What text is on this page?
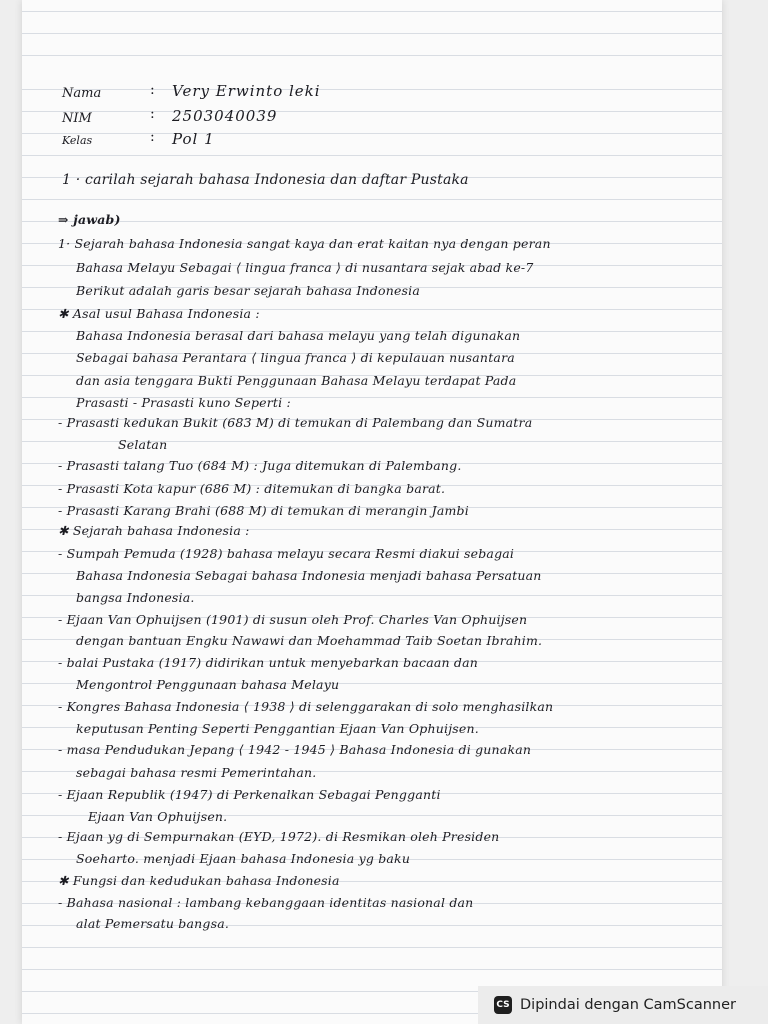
Nama	: Very Erwinto leki
NIM	: 2503040039
Kelas	: Pol 1
1 · carilah sejarah bahasa Indonesia dan daftar Pustaka
⇒ jawab)
1· Sejarah bahasa Indonesia sangat kaya dan erat kaitan nya dengan peran
Bahasa Melayu Sebagai ⟨ lingua franca ⟩ di nusantara sejak abad ke-7
Berikut adalah garis besar sejarah bahasa Indonesia
✱ Asal usul Bahasa Indonesia :
Bahasa Indonesia berasal dari bahasa melayu yang telah digunakan
Sebagai bahasa Perantara ⟨ lingua franca ⟩ di kepulauan nusantara
dan asia tenggara Bukti Penggunaan Bahasa Melayu terdapat Pada
Prasasti - Prasasti kuno Seperti :
- Prasasti kedukan Bukit (683 M) di temukan di Palembang dan Sumatra
Selatan
- Prasasti talang Tuo (684 M) : Juga ditemukan di Palembang.
- Prasasti Kota kapur (686 M) : ditemukan di bangka barat.
- Prasasti Karang Brahi (688 M) di temukan di merangin Jambi
✱ Sejarah bahasa Indonesia :
- Sumpah Pemuda (1928) bahasa melayu secara Resmi diakui sebagai
Bahasa Indonesia Sebagai bahasa Indonesia menjadi bahasa Persatuan
bangsa Indonesia.
- Ejaan Van Ophuijsen (1901) di susun oleh Prof. Charles Van Ophuijsen
dengan bantuan Engku Nawawi dan Moehammad Taib Soetan Ibrahim.
- balai Pustaka (1917) didirikan untuk menyebarkan bacaan dan
Mengontrol Penggunaan bahasa Melayu
- Kongres Bahasa Indonesia ⟨ 1938 ⟩ di selenggarakan di solo menghasilkan
keputusan Penting Seperti Penggantian Ejaan Van Ophuijsen.
- masa Pendudukan Jepang ⟨ 1942 - 1945 ⟩ Bahasa Indonesia di gunakan
sebagai bahasa resmi Pemerintahan.
- Ejaan Republik (1947) di Perkenalkan Sebagai Pengganti
Ejaan Van Ophuijsen.
- Ejaan yg di Sempurnakan (EYD, 1972). di Resmikan oleh Presiden
Soeharto. menjadi Ejaan bahasa Indonesia yg baku
✱ Fungsi dan kedudukan bahasa Indonesia
- Bahasa nasional : lambang kebanggaan identitas nasional dan
alat Pemersatu bangsa.
CS Dipindai dengan CamScanner
